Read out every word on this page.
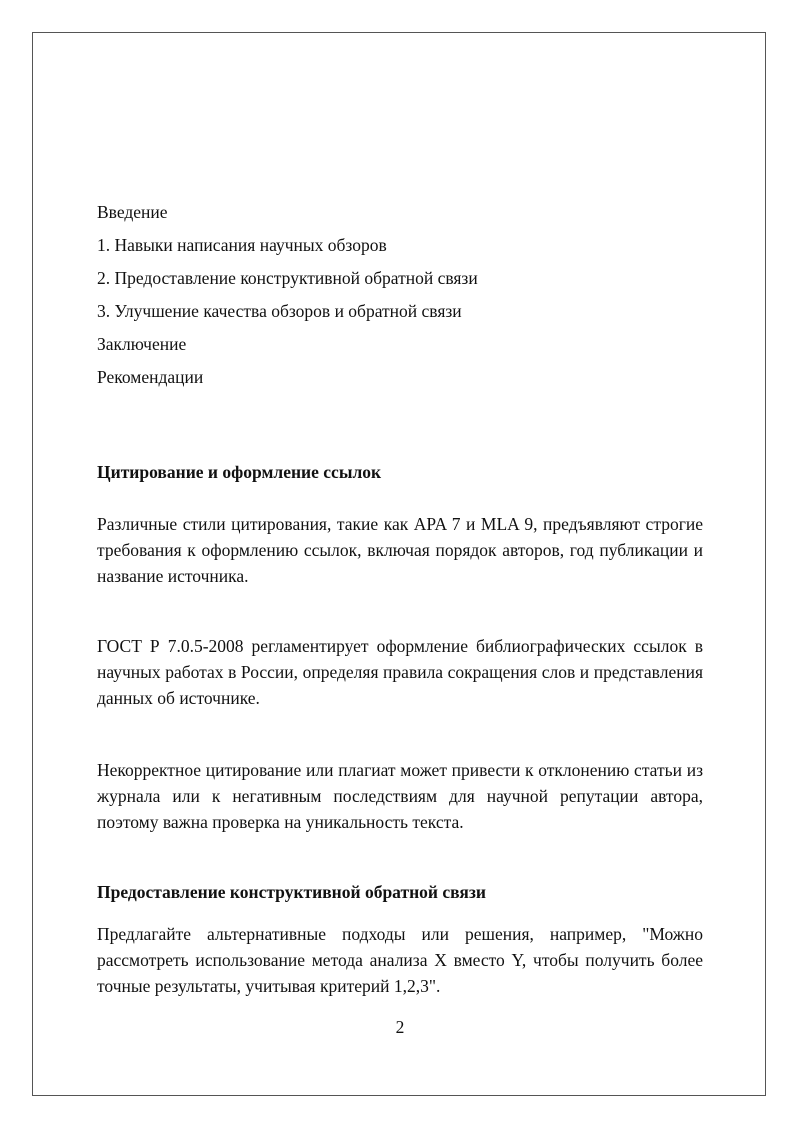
Введение
1. Навыки написания научных обзоров
2. Предоставление конструктивной обратной связи
3. Улучшение качества обзоров и обратной связи
Заключение
Рекомендации
Цитирование и оформление ссылок
Различные стили цитирования, такие как APA 7 и MLA 9, предъявляют строгие требования к оформлению ссылок, включая порядок авторов, год публикации и название источника.
ГОСТ Р 7.0.5-2008 регламентирует оформление библиографических ссылок в научных работах в России, определяя правила сокращения слов и представления данных об источнике.
Некорректное цитирование или плагиат может привести к отклонению статьи из журнала или к негативным последствиям для научной репутации автора, поэтому важна проверка на уникальность текста.
Предоставление конструктивной обратной связи
Предлагайте альтернативные подходы или решения, например, "Можно рассмотреть использование метода анализа X вместо Y, чтобы получить более точные результаты, учитывая критерий 1,2,3".
2
